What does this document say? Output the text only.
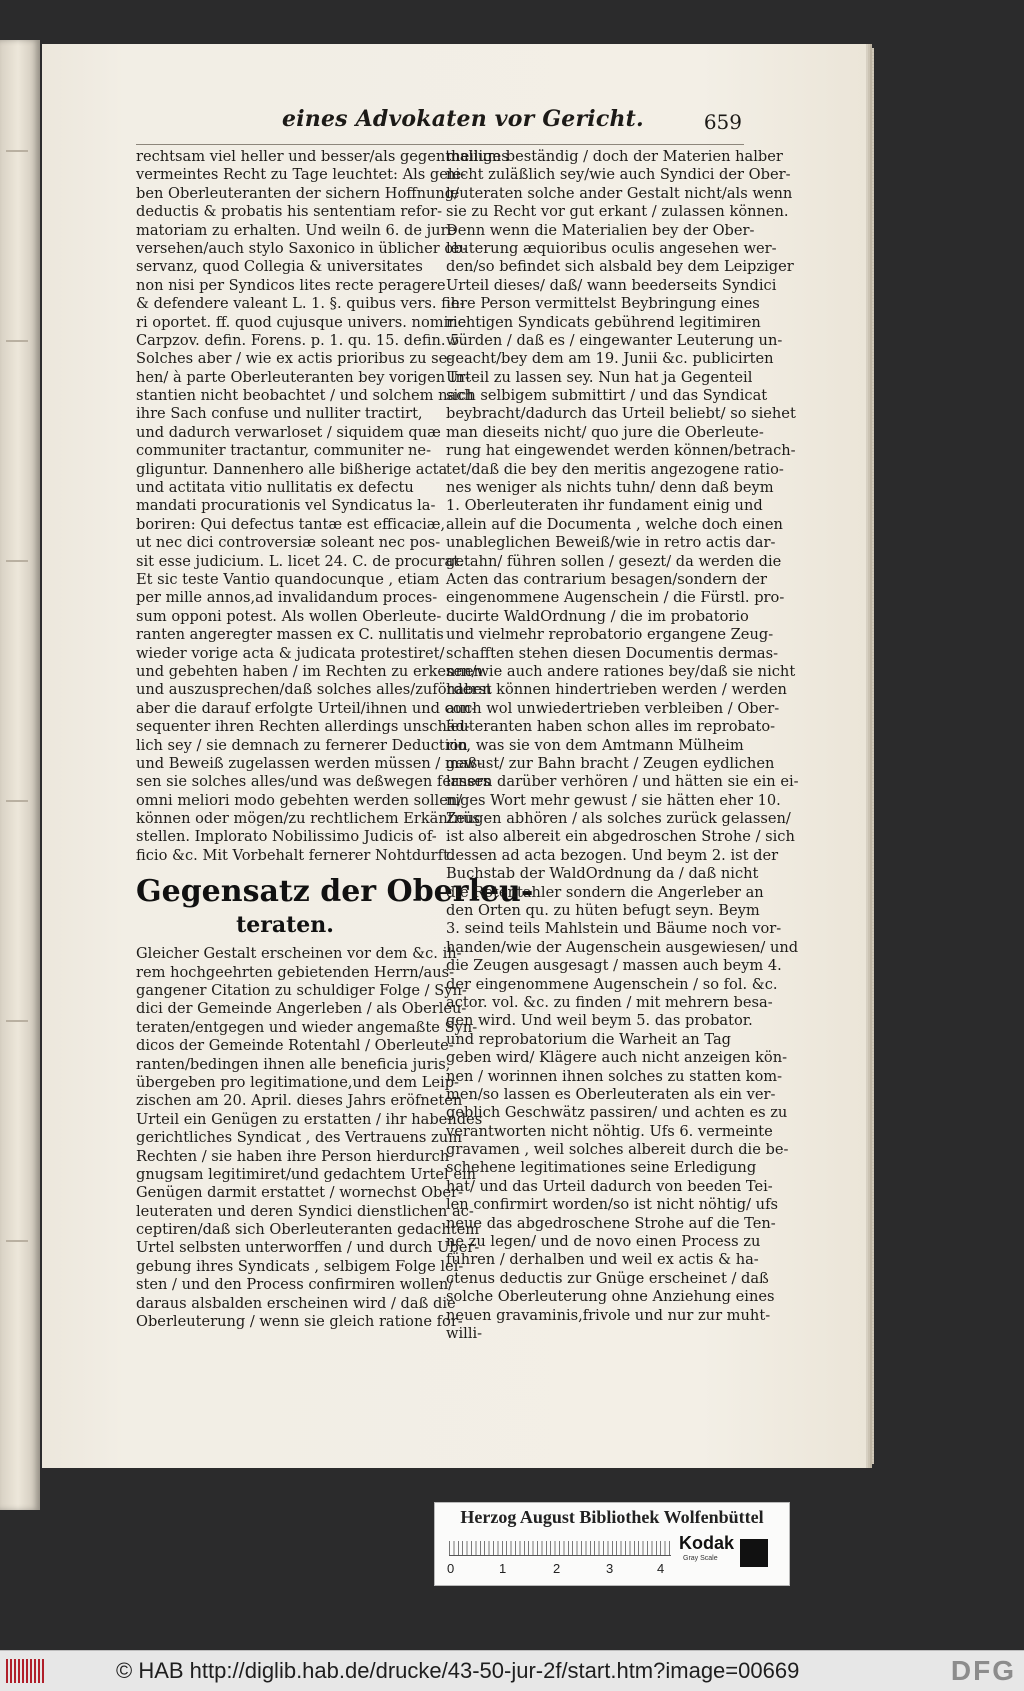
eines Advokaten vor Gericht.	659
rechtsam viel heller und besser/als gegentheiliges
vermeintes Recht zu Tage leuchtet: Als gele-
ben Oberleuteranten der sichern Hoffnung/
deductis & probatis his sententiam refor-
matoriam zu erhalten. Und weiln 6. de jure
versehen/auch stylo Saxonico in üblicher ob-
servanz, quod Collegia & universitates
non nisi per Syndicos lites recte peragere
& defendere valeant L. 1. §. quibus vers. fie-
ri oportet. ff. quod cujusque univers. nomine.
Carpzov. defin. Forens. p. 1. qu. 15. defin. 5.
Solches aber / wie ex actis prioribus zu se-
hen/ à parte Oberleuteranten bey vorigen In-
stantien nicht beobachtet / und solchem nach
ihre Sach confuse und nulliter tractirt,
und dadurch verwarloset / siquidem quæ
communiter tractantur, communiter ne-
gliguntur. Dannenhero alle bißherige acta
und actitata vitio nullitatis ex defectu
mandati procurationis vel Syndicatus la-
boriren: Qui defectus tantæ est efficaciæ,
ut nec dici controversiæ soleant nec pos-
sit esse judicium. L. licet 24. C. de procurat.
Et sic teste Vantio quandocunque , etiam
per mille annos,ad invalidandum proces-
sum opponi potest. Als wollen Oberleute-
ranten angeregter massen ex C. nullitatis
wieder vorige acta & judicata protestiret/
und gebehten haben / im Rechten zu erkennen
und auszusprechen/daß solches alles/zuförderst
aber die darauf erfolgte Urteil/ihnen und con-
sequenter ihren Rechten allerdings unschäd-
lich sey / sie demnach zu fernerer Deduction
und Beweiß zugelassen werden müssen / maß-
sen sie solches alles/und was deßwegen ferners
omni meliori modo gebehten werden sollen/
können oder mögen/zu rechtlichem Erkäntnüs
stellen. Implorato Nobilissimo Judicis of-
ficio &c. Mit Vorbehalt fernerer Nohtdurft.
Gegensatz der Oberleu-
teraten.
Gleicher Gestalt erscheinen vor dem &c. ih-
rem hochgeehrten gebietenden Herrn/aus-
gangener Citation zu schuldiger Folge / Syn-
dici der Gemeinde Angerleben / als Oberleu-
teraten/entgegen und wieder angemaßte Syn-
dicos der Gemeinde Rotentahl / Oberleute-
ranten/bedingen ihnen alle beneficia juris,
übergeben pro legitimatione,und dem Leip-
zischen am 20. April. dieses Jahrs eröfneten
Urteil ein Genügen zu erstatten / ihr habendes
gerichtliches Syndicat , des Vertrauens zum
Rechten / sie haben ihre Person hierdurch
gnugsam legitimiret/und gedachtem Urtel ein
Genügen darmit erstattet / wornechst Ober-
leuteraten und deren Syndici dienstlichen ac-
ceptiren/daß sich Oberleuteranten gedachtem
Urtel selbsten unterworffen / und durch Uber-
gebung ihres Syndicats , selbigem Folge lei-
sten / und den Process confirmiren wollen/
daraus alsbalden erscheinen wird / daß die
Oberleuterung / wenn sie gleich ratione for-
malium beständig / doch der Materien halber
nicht zuläßlich sey/wie auch Syndici der Ober-
leuteraten solche ander Gestalt nicht/als wenn
sie zu Recht vor gut erkant / zulassen können.
Denn wenn die Materialien bey der Ober-
leuterung æquioribus oculis angesehen wer-
den/so befindet sich alsbald bey dem Leipziger
Urteil dieses/ daß/ wann beederseits Syndici
ihre Person vermittelst Beybringung eines
richtigen Syndicats gebührend legitimiren
würden / daß es / eingewanter Leuterung un-
geacht/bey dem am 19. Junii &c. publicirten
Urteil zu lassen sey. Nun hat ja Gegenteil
sich selbigem submittirt / und das Syndicat
beybracht/dadurch das Urteil beliebt/ so siehet
man dieseits nicht/ quo jure die Oberleute-
rung hat eingewendet werden können/betrach-
tet/daß die bey den meritis angezogene ratio-
nes weniger als nichts tuhn/ denn daß beym
1. Oberleuteraten ihr fundament einig und
allein auf die Documenta , welche doch einen
unableglichen Beweiß/wie in retro actis dar-
getahn/ führen sollen / gesezt/ da werden die
Acten das contrarium besagen/sondern der
eingenommene Augenschein / die Fürstl. pro-
ducirte WaldOrdnung / die im probatorio
und vielmehr reprobatorio ergangene Zeug-
schafften stehen diesen Documentis dermas-
sen/wie auch andere rationes bey/daß sie nicht
haben können hindertrieben werden / werden
auch wol unwiedertrieben verbleiben / Ober-
leuteranten haben schon alles im reprobato-
rio, was sie von dem Amtmann Mülheim
gewust/ zur Bahn bracht / Zeugen eydlichen
lassen darüber verhören / und hätten sie ein ei-
niges Wort mehr gewust / sie hätten eher 10.
Zeugen abhören / als solches zurück gelassen/
ist also albereit ein abgedroschen Strohe / sich
dessen ad acta bezogen. Und beym 2. ist der
Buchstab der WaldOrdnung da / daß nicht
die Rotentahler sondern die Angerleber an
den Orten qu. zu hüten befugt seyn. Beym
3. seind teils Mahlstein und Bäume noch vor-
handen/wie der Augenschein ausgewiesen/ und
die Zeugen ausgesagt / massen auch beym 4.
der eingenommene Augenschein / so fol. &c.
actor. vol. &c. zu finden / mit mehrern besa-
gen wird. Und weil beym 5. das probator.
und reprobatorium die Warheit an Tag
geben wird/ Klägere auch nicht anzeigen kön-
nen / worinnen ihnen solches zu statten kom-
men/so lassen es Oberleuteraten als ein ver-
geblich Geschwätz passiren/ und achten es zu
verantworten nicht nöhtig. Ufs 6. vermeinte
gravamen , weil solches albereit durch die be-
schehene legitimationes seine Erledigung
hat/ und das Urteil dadurch von beeden Tei-
len confirmirt worden/so ist nicht nöhtig/ ufs
neue das abgedroschene Strohe auf die Ten-
ne zu legen/ und de novo einen Process zu
führen / derhalben und weil ex actis & ha-
ctenus deductis zur Gnüge erscheinet / daß
solche Oberleuterung ohne Anziehung eines
neuen gravaminis,frivole und nur zur muht-
willi-
Herzog August Bibliothek Wolfenbüttel
0	1	2	3	4
Kodak
Gray Scale
© HAB http://diglib.hab.de/drucke/43-50-jur-2f/start.htm?image=00669	DFG
